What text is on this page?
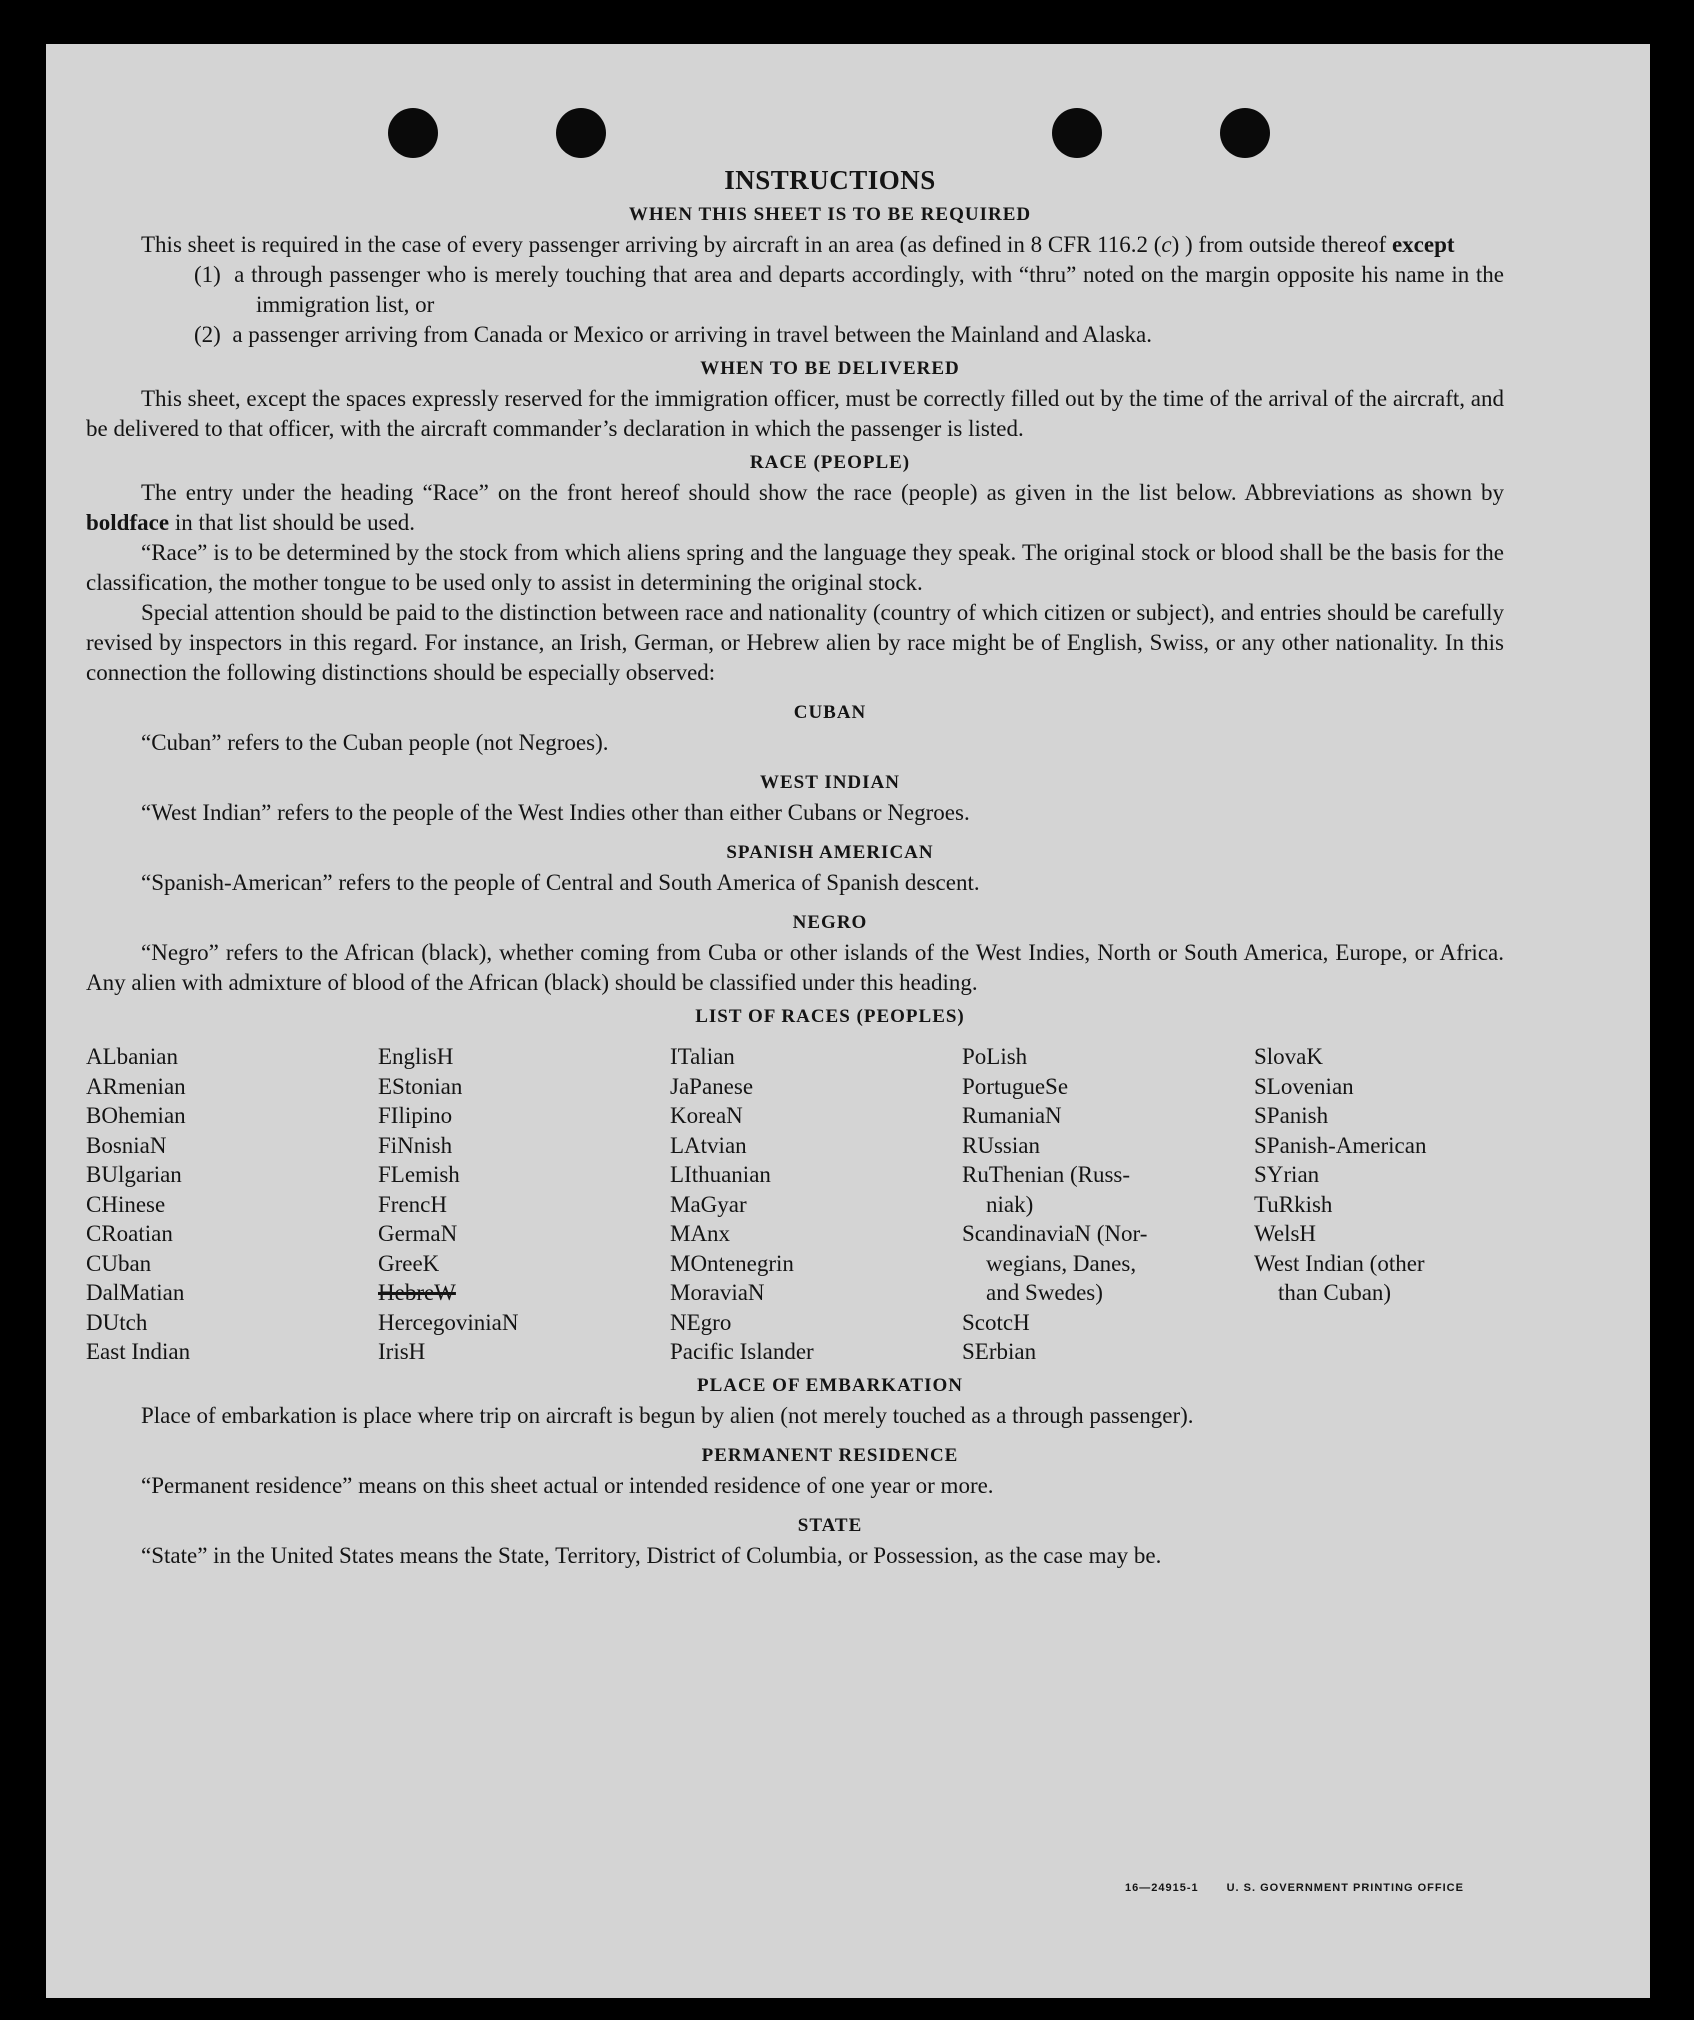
INSTRUCTIONS
WHEN THIS SHEET IS TO BE REQUIRED

This sheet is required in the case of every passenger arriving by aircraft in an area (as defined in 8 CFR 116.2 (c) ) from outside thereof except

(1)  a through passenger who is merely touching that area and departs accordingly, with “thru” noted on the margin opposite his name in the immigration list, or
(2)  a passenger arriving from Canada or Mexico or arriving in travel between the Mainland and Alaska.
WHEN TO BE DELIVERED

This sheet, except the spaces expressly reserved for the immigration officer, must be correctly filled out by the time of the arrival of the aircraft, and be delivered to that officer, with the aircraft commander’s declaration in which the passenger is listed.

RACE (PEOPLE)

The entry under the heading “Race” on the front hereof should show the race (people) as given in the list below. Abbreviations as shown by boldface in that list should be used.

“Race” is to be determined by the stock from which aliens spring and the language they speak. The original stock or blood shall be the basis for the classification, the mother tongue to be used only to assist in determining the original stock.

Special attention should be paid to the distinction between race and nationality (country of which citizen or subject), and entries should be carefully revised by inspectors in this regard. For instance, an Irish, German, or Hebrew alien by race might be of English, Swiss, or any other nationality. In this connection the following distinctions should be especially observed:

CUBAN

“Cuban” refers to the Cuban people (not Negroes).

WEST INDIAN

“West Indian” refers to the people of the West Indies other than either Cubans or Negroes.

SPANISH AMERICAN

“Spanish-American” refers to the people of Central and South America of Spanish descent.

NEGRO

“Negro” refers to the African (black), whether coming from Cuba or other islands of the West Indies, North or South America, Europe, or Africa. Any alien with admixture of blood of the African (black) should be classified under this heading.

LIST OF RACES (PEOPLES)
ALbanian
ARmenian
BOhemian
BosniaN
BUlgarian
CHinese
CRoatian
CUban
DalMatian
DUtch
East Indian
EnglisH
EStonian
FIlipino
FiNnish
FLemish
FrencH
GermaN
GreeK
HebreW
HercegoviniaN
IrisH
ITalian
JaPanese
KoreaN
LAtvian
LIthuanian
MaGyar
MAnx
MOntenegrin
MoraviaN
NEgro
Pacific Islander
PoLish
PortugueSe
RumaniaN
RUssian
RuThenian (Russ-
niak)
ScandinaviaN (Nor-
wegians, Danes,
and Swedes)
ScotcH
SErbian
SlovaK
SLovenian
SPanish
SPanish-American
SYrian
TuRkish
WelsH
West Indian (other
than Cuban)
PLACE OF EMBARKATION

Place of embarkation is place where trip on aircraft is begun by alien (not merely touched as a through passenger).

PERMANENT RESIDENCE

“Permanent residence” means on this sheet actual or intended residence of one year or more.

STATE

“State” in the United States means the State, Territory, District of Columbia, or Possession, as the case may be.

16—24915-1	U. S. GOVERNMENT PRINTING OFFICE
